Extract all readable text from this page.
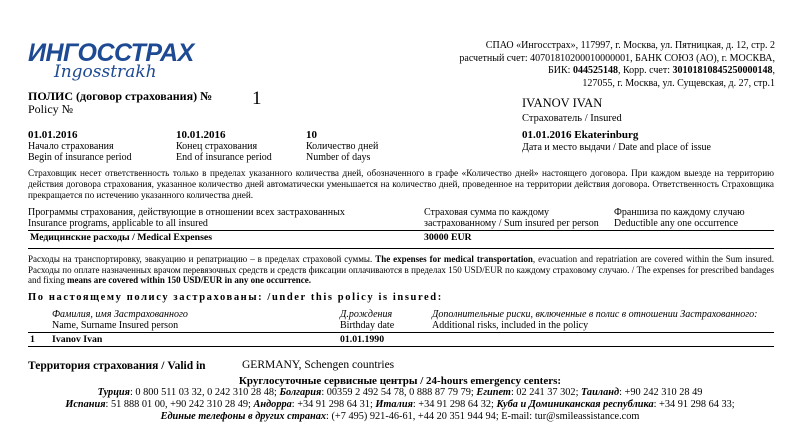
ИНГОССТРАХ
Ingosstrakh
СПАО «Ингосстрах», 117997, г. Москва, ул. Пятницкая, д. 12, стр. 2
расчетный счет: 40701810200010000001, БАНК СОЮЗ (АО), г. МОСКВА,
БИК: 044525148, Корр. счет: 30101810845250000148,
127055, г. Москва, ул. Сущевская, д. 27, стр.1
ПОЛИС (договор страхования) №
Policy №	1	IVANOV IVAN
Страхователь / Insured
01.01.2016
Начало страхования
Begin of insurance period
10.01.2016
Конец страхования
End of insurance period
10
Количество дней
Number of days
01.01.2016 Ekaterinburg
Дата и место выдачи / Date and place of issue
Страховщик несет ответственность только в пределах указанного количества дней, обозначенного в графе «Количество дней» настоящего договора. При каждом выезде на территорию действия договора страхования, указанное количество дней автоматически уменьшается на количество дней, проведенное на территории действия договора. Ответственность Страховщика прекращается по истечению указанного количества дней.
Программы страхования, действующие в отношении всех застрахованных
Insurance programs, applicable to all insured
Страховая сумма по каждому
застрахованному / Sum insured per person
Франшиза по каждому случаю
Deductible any one occurrence
Медицинские расходы / Medical Expenses	30000 EUR
Расходы на транспортировку, эвакуацию и репатриацию – в пределах страховой суммы. The expenses for medical transportation, evacuation and repatriation are covered within the Sum insured. Расходы по оплате назначенных врачом перевязочных средств и средств фиксации оплачиваются в пределах 150 USD/EUR по каждому страховому случаю. / The expenses for prescribed bandages and fixing means are covered within 150 USD/EUR in any one occurrence.
По настоящему полису застрахованы: /under this policy is insured:
Фамилия, имя Застрахованного
Name, Surname Insured person
Д.рождения
Birthday date
Дополнительные риски, включенные в полис в отношении Застрахованного:
Additional risks, included in the policy
1 Ivanov Ivan	01.01.1990
Территория страхования / Valid in	GERMANY, Schengen countries
Круглосуточные сервисные центры / 24-hours emergency centers:
Турция: 0 800 511 03 32, 0 242 310 28 48; Болгария: 00359 2 492 54 78, 0 888 87 79 79; Египет: 02 241 37 302; Таиланд: +90 242 310 28 49
Испания: 51 888 01 00, +90 242 310 28 49; Андорра: +34 91 298 64 31; Италия: +34 91 298 64 32; Куба и Доминиканская республика: +34 91 298 64 33;
Единые телефоны в других странах: (+7 495) 921-46-61, +44 20 351 944 94; E-mail: tur@smileassistance.com
